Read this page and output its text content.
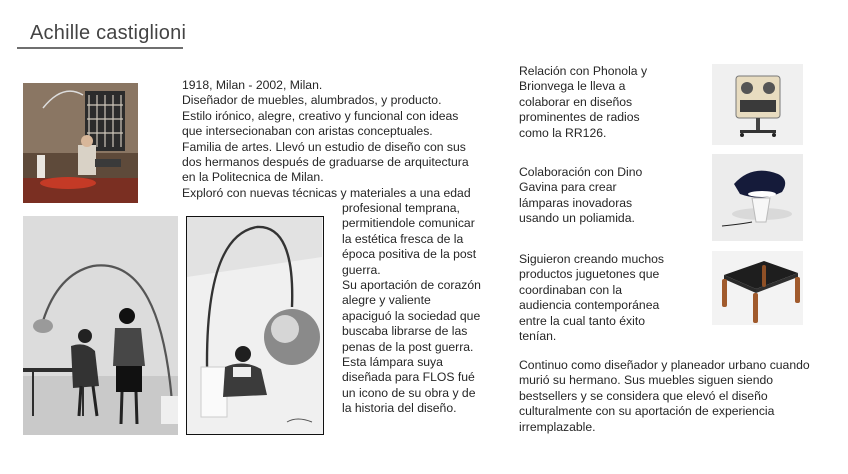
Achille castiglioni
1918, Milan - 2002, Milan.
Diseñador de muebles, alumbrados, y producto.
Estilo irónico, alegre, creativo y funcional con ideas
que intersecionaban con aristas conceptuales.
Familia de artes. Llevó un estudio de diseño con sus
dos hermanos después de graduarse de arquitectura
en la Politecnica de Milan.
Exploró con nuevas técnicas y materiales a una edad
profesional temprana,
permitiendole comunicar
la estética fresca de la
época positiva de la post
guerra.
Su aportación de corazón
alegre y valiente
apaciguó la sociedad que
buscaba librarse de las
penas de la post guerra.
Esta lámpara suya
diseñada para FLOS fué
un icono de su obra y de
la historia del diseño.
Relación con Phonola y
Brionvega le lleva a
colaborar en diseños
prominentes de radios
como la RR126.
Colaboración con Dino
Gavina para crear
lámparas inovadoras
usando un poliamida.
Siguieron creando muchos
productos juguetones que
coordinaban con la
audiencia contemporánea
entre la cual tanto éxito
tenían.
Continuo como diseñador y planeador urbano cuando
murió su hermano. Sus muebles siguen siendo
bestsellers y se considera que elevó el diseño
culturalmente con su aportación de experiencia
irremplazable.
